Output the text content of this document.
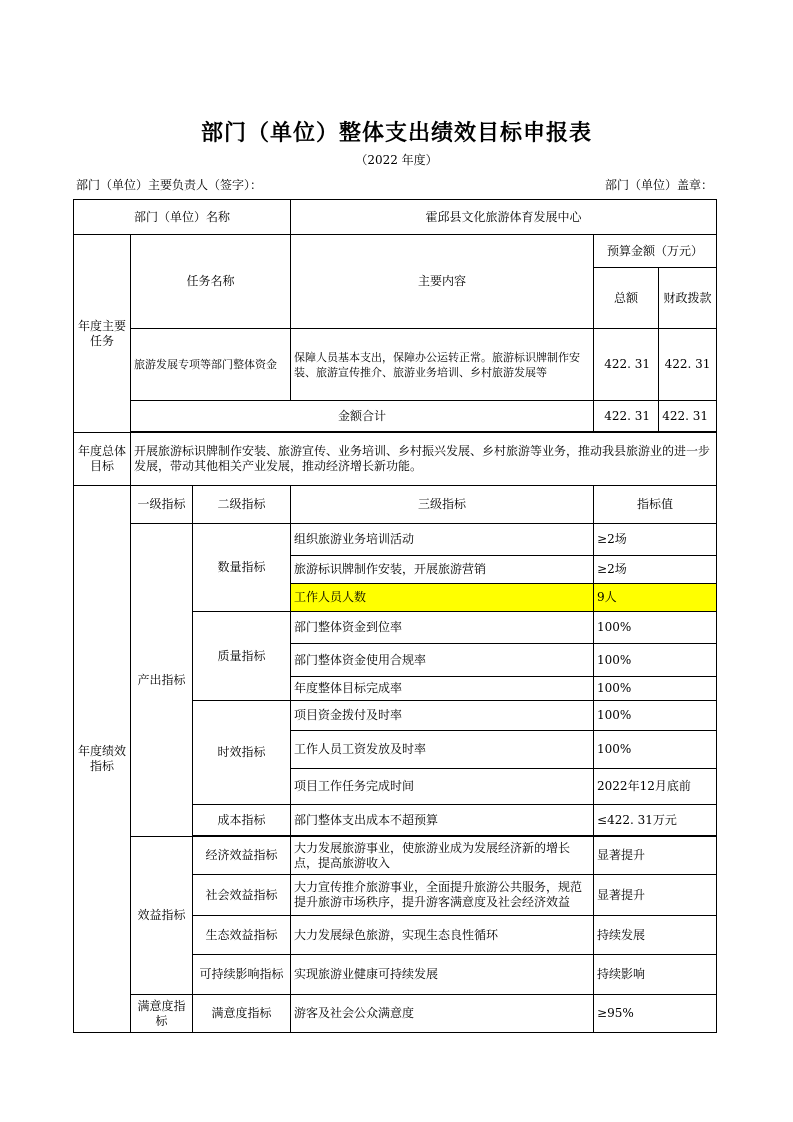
部门（单位）整体支出绩效目标申报表
（2022 年度）
部门（单位）主要负责人（签字）：	部门（单位）盖章：
部门（单位）名称			霍邱县文化旅游体育发展中心			
年度主要任务	任务名称		主要内容	预算金额（万元）		
				总额	财政拨款	
	旅游发展专项等部门整体资金		保障人员基本支出，保障办公运转正常。旅游标识牌制作安装、旅游宣传推介、旅游业务培训、乡村旅游发展等	422. 31	422. 31	
	金额合计			422. 31	422. 31	

年度总体目标	开展旅游标识牌制作安装、旅游宣传、业务培训、乡村振兴发展、乡村旅游等业务，推动我县旅游业的进一步发展，带动其他相关产业发展，推动经济增长新功能。					
年度绩效指标	一级指标	二级指标	三级指标	指标值		
	产出指标	数量指标	组织旅游业务培训活动	≥2场		
			旅游标识牌制作安装，开展旅游营销	≥2场		
			工作人员人数	9人		
		质量指标	部门整体资金到位率	100%		
			部门整体资金使用合规率	100%		
			年度整体目标完成率	100%		
		时效指标	项目资金拨付及时率	100%		
			工作人员工资发放及时率	100%		
			项目工作任务完成时间	2022年12月底前		
		成本指标	部门整体支出成本不超预算	≤422. 31万元		

	效益指标	经济效益指标	大力发展旅游事业，使旅游业成为发展经济新的增长点，提高旅游收入	显著提升		
		社会效益指标	大力宣传推介旅游事业，全面提升旅游公共服务，规范提升旅游市场秩序，提升游客满意度及社会经济效益	显著提升		
		生态效益指标	大力发展绿色旅游，实现生态良性循环	持续发展		
		可持续影响指标	实现旅游业健康可持续发展	持续影响		
	满意度指标	满意度指标	游客及社会公众满意度	≥95%		
